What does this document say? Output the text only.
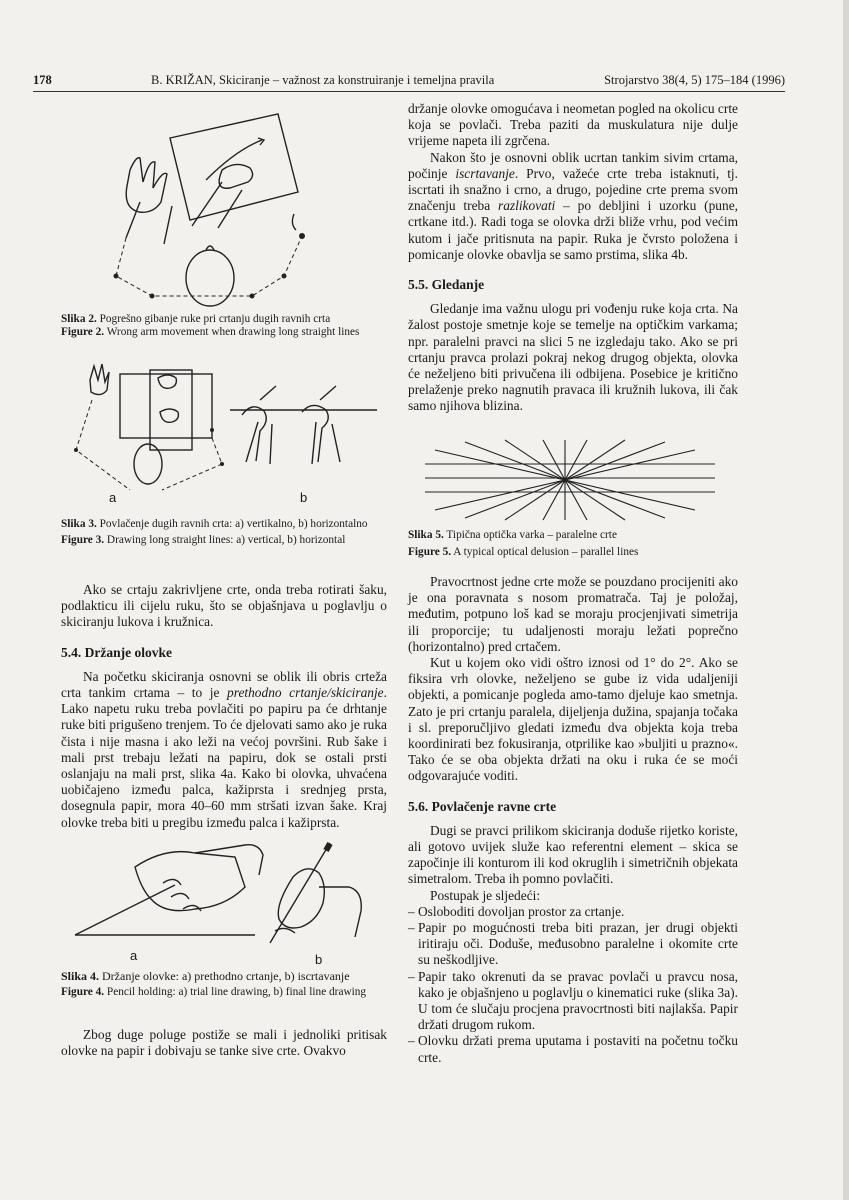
178	B. KRIŽAN, Skiciranje – važnost za konstruiranje i temeljna pravila	Strojarstvo 38(4, 5) 175–184 (1996)

Slika 2. Pogrešno gibanje ruke pri crtanju dugih ravnih crta

Figure 2. Wrong arm movement when drawing long straight lines

a	b

Slika 3. Povlačenje dugih ravnih crta: a) vertikalno, b) horizontalno

Figure 3. Drawing long straight lines: a) vertical, b) horizontal

Ako se crtaju zakrivljene crte, onda treba rotirati šaku, podlakticu ili cijelu ruku, što se objašnjava u poglavlju o skiciranju lukova i kružnica.

5.4. Držanje olovke

Na početku skiciranja osnovni se oblik ili obris crteža crta tankim crtama – to je prethodno crtanje/skiciranje. Lako napetu ruku treba povlačiti po papiru pa će drhtanje ruke biti prigušeno trenjem. To će djelovati samo ako je ruka čista i nije masna i ako leži na većoj površini. Rub šake i mali prst trebaju ležati na papiru, dok se ostali prsti oslanjaju na mali prst, slika 4a. Kako bi olovka, uhvaćena uobičajeno između palca, kažiprsta i srednjeg prsta, dosegnula papir, mora 40–60 mm stršati izvan šake. Kraj olovke treba biti u pregibu između palca i kažiprsta.

a	b

Slika 4. Držanje olovke: a) prethodno crtanje, b) iscrtavanje

Figure 4. Pencil holding: a) trial line drawing, b) final line drawing

Zbog duge poluge postiže se mali i jednoliki pritisak olovke na papir i dobivaju se tanke sive crte. Ovakvo

držanje olovke omogućava i neometan pogled na okolicu crte koja se povlači. Treba paziti da muskulatura nije dulje vrijeme napeta ili zgrčena.

Nakon što je osnovni oblik ucrtan tankim sivim crtama, počinje iscrtavanje. Prvo, važeće crte treba istaknuti, tj. iscrtati ih snažno i crno, a drugo, pojedine crte prema svom značenju treba razlikovati – po debljini i uzorku (pune, crtkane itd.). Radi toga se olovka drži bliže vrhu, pod većim kutom i jače pritisnuta na papir. Ruka je čvrsto položena i pomicanje olovke obavlja se samo prstima, slika 4b.

5.5. Gledanje

Gledanje ima važnu ulogu pri vođenju ruke koja crta. Na žalost postoje smetnje koje se temelje na optičkim varkama; npr. paralelni pravci na slici 5 ne izgledaju tako. Ako se pri crtanju pravca prolazi pokraj nekog drugog objekta, olovka će neželjeno biti privučena ili odbijena. Posebice je kritično prelaženje preko nagnutih pravaca ili kružnih lukova, ili čak samo njihova blizina.

Slika 5. Tipična optička varka – paralelne crte

Figure 5. A typical optical delusion – parallel lines

Pravocrtnost jedne crte može se pouzdano procijeniti ako je ona poravnata s nosom promatrača. Taj je položaj, međutim, potpuno loš kad se moraju procjenjivati simetrija ili proporcije; tu udaljenosti moraju ležati poprečno (horizontalno) pred crtačem.

Kut u kojem oko vidi oštro iznosi od 1° do 2°. Ako se fiksira vrh olovke, neželjeno se gube iz vida udaljeniji objekti, a pomicanje pogleda amo-tamo djeluje kao smetnja. Zato je pri crtanju paralela, dijeljenja dužina, spajanja točaka i sl. preporučljivo gledati između dva objekta koja treba koordinirati bez fokusiranja, otprilike kao »buljiti u prazno«. Tako će se oba objekta držati na oku i ruka će se moći odgovarajuće voditi.

5.6. Povlačenje ravne crte

Dugi se pravci prilikom skiciranja doduše rijetko koriste, ali gotovo uvijek služe kao referentni element – skica se započinje ili konturom ili kod okruglih i simetričnih objekata simetralom. Treba ih pomno povlačiti.

Postupak je sljedeći:

– Osloboditi dovoljan prostor za crtanje.
– Papir po mogućnosti treba biti prazan, jer drugi objekti iritiraju oči. Doduše, međusobno paralelne i okomite crte su neškodljive.
– Papir tako okrenuti da se pravac povlači u pravcu nosa, kako je objašnjeno u poglavlju o kinematici ruke (slika 3a). U tom će slučaju procjena pravocrtnosti biti najlakša. Papir držati drugom rukom.
– Olovku držati prema uputama i postaviti na početnu točku crte.
